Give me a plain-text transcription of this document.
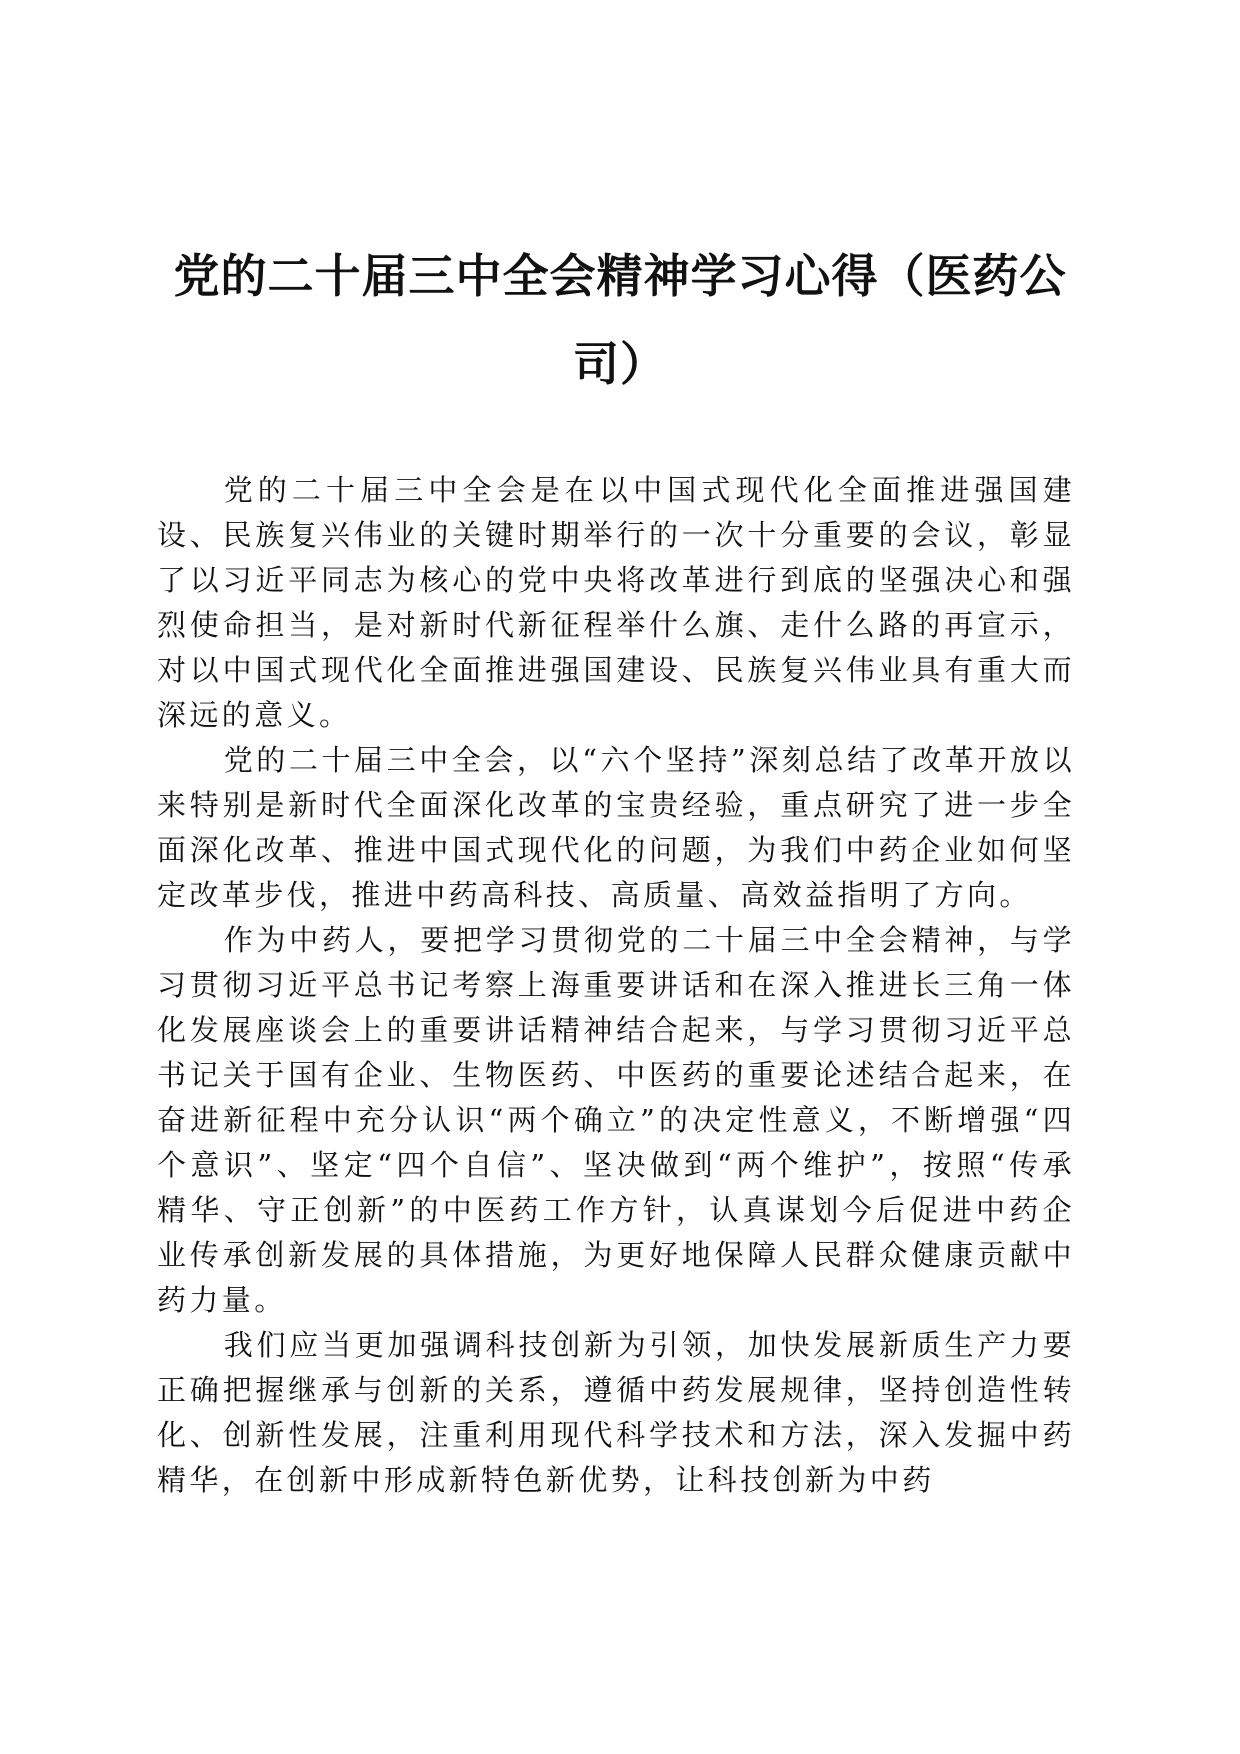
党的二十届三中全会精神学习心得（医药公司）

党的二十届三中全会是在以中国式现代化全面推进强国建设、民族复兴伟业的关键时期举行的一次十分重要的会议，彰显了以习近平同志为核心的党中央将改革进行到底的坚强决心和强烈使命担当，是对新时代新征程举什么旗、走什么路的再宣示，对以中国式现代化全面推进强国建设、民族复兴伟业具有重大而深远的意义。

党的二十届三中全会，以“六个坚持”深刻总结了改革开放以来特别是新时代全面深化改革的宝贵经验，重点研究了进一步全面深化改革、推进中国式现代化的问题，为我们中药企业如何坚定改革步伐，推进中药高科技、高质量、高效益指明了方向。

作为中药人，要把学习贯彻党的二十届三中全会精神，与学习贯彻习近平总书记考察上海重要讲话和在深入推进长三角一体化发展座谈会上的重要讲话精神结合起来，与学习贯彻习近平总书记关于国有企业、生物医药、中医药的重要论述结合起来，在奋进新征程中充分认识“两个确立”的决定性意义，不断增强“四个意识”、坚定“四个自信”、坚决做到“两个维护”，按照“传承精华、守正创新”的中医药工作方针，认真谋划今后促进中药企业传承创新发展的具体措施，为更好地保障人民群众健康贡献中药力量。

我们应当更加强调科技创新为引领，加快发展新质生产力要正确把握继承与创新的关系，遵循中药发展规律，坚持创造性转化、创新性发展，注重利用现代科学技术和方法，深入发掘中药精华，在创新中形成新特色新优势，让科技创新为中药
